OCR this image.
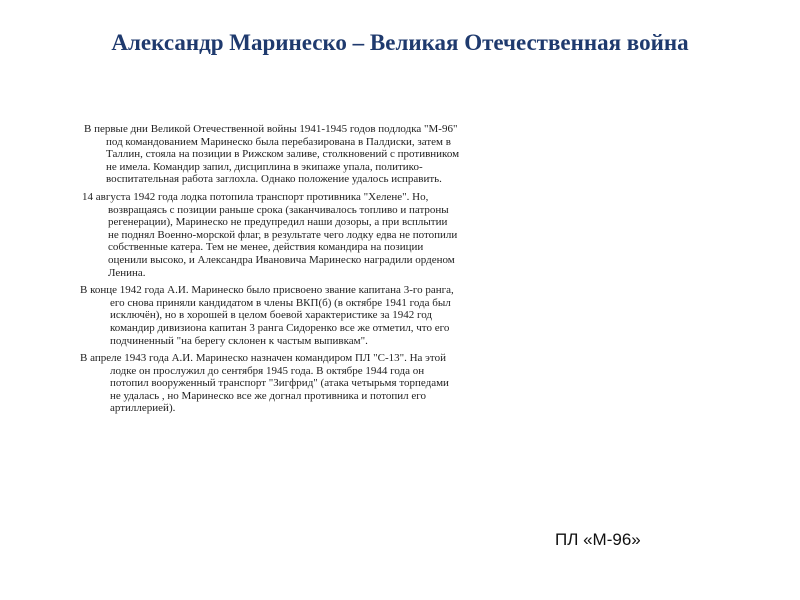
Александр Маринеско – Великая Отечественная война

В первые дни Великой Отечественной войны 1941-1945 годов подлодка "М-96" под командованием Маринеско была перебазирована в Палдиски, затем в Таллин, стояла на позиции в Рижском заливе, столкновений с противником не имела. Командир запил, дисциплина в экипаже упала, политико-воспитательная работа заглохла. Однако положение удалось исправить.

14 августа 1942 года лодка потопила транспорт противника "Хелене". Но, возвращаясь с позиции раньше срока (заканчивалось топливо и патроны регенерации), Маринеско не предупредил наши дозоры, а при всплытии не поднял Военно-морской флаг, в результате чего лодку едва не потопили собственные катера. Тем не менее, действия командира на позиции оценили высоко, и Александра Ивановича Маринеско наградили орденом Ленина.

В конце 1942 года А.И. Маринеско было присвоено звание капитана 3-го ранга, его снова приняли кандидатом в члены ВКП(б) (в октябре 1941 года был исключён), но в хорошей в целом боевой характеристике за 1942 год командир дивизиона капитан 3 ранга Сидоренко все же отметил, что его подчиненный "на берегу склонен к частым выпивкам".

В апреле 1943 года А.И. Маринеско назначен командиром ПЛ "С-13". На этой лодке он прослужил до сентября 1945 года. В октябре 1944 года он потопил вооруженный транспорт "Зигфрид" (атака четырьмя торпедами не удалась , но Маринеско все же догнал противника и потопил его артиллерией).

ПЛ «М-96»
